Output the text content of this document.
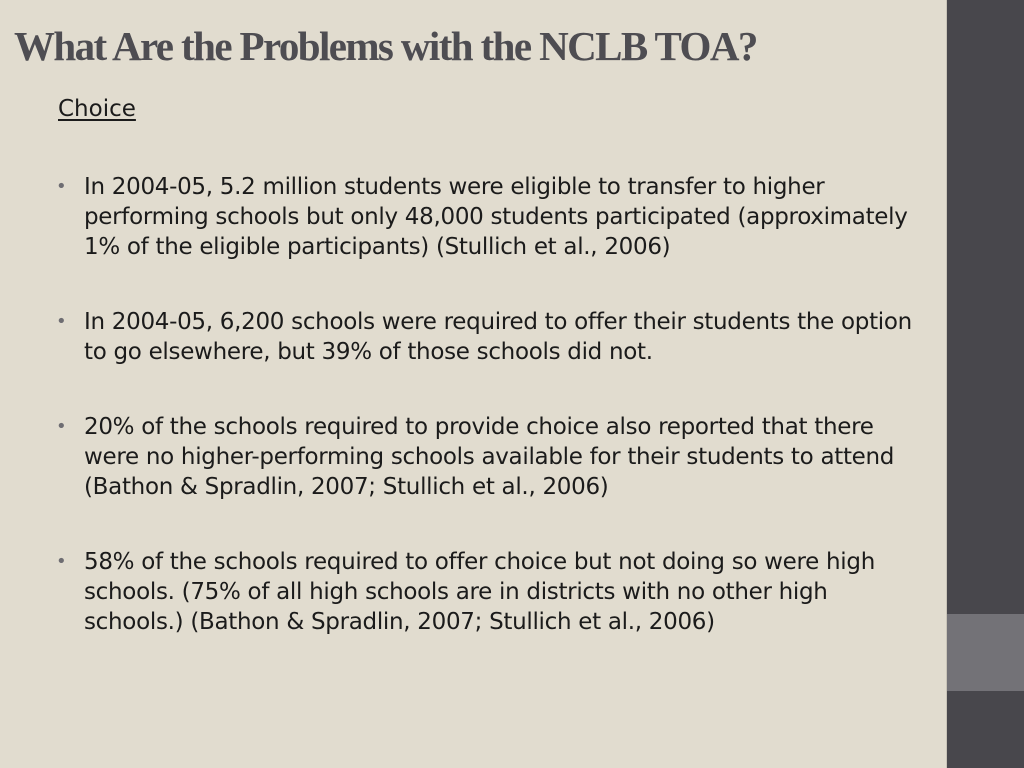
What Are the Problems with the NCLB TOA?
Choice
• In 2004-05, 5.2 million students were eligible to transfer to higher performing schools but only 48,000 students participated (approximately 1% of the eligible participants) (Stullich et al., 2006)
• In 2004-05, 6,200 schools were required to offer their students the option to go elsewhere, but 39% of those schools did not.
• 20% of the schools required to provide choice also reported that there were no higher-performing schools available for their students to attend (Bathon & Spradlin, 2007; Stullich et al., 2006)
• 58% of the schools required to offer choice but not doing so were high schools. (75% of all high schools are in districts with no other high schools.) (Bathon & Spradlin, 2007; Stullich et al., 2006)
